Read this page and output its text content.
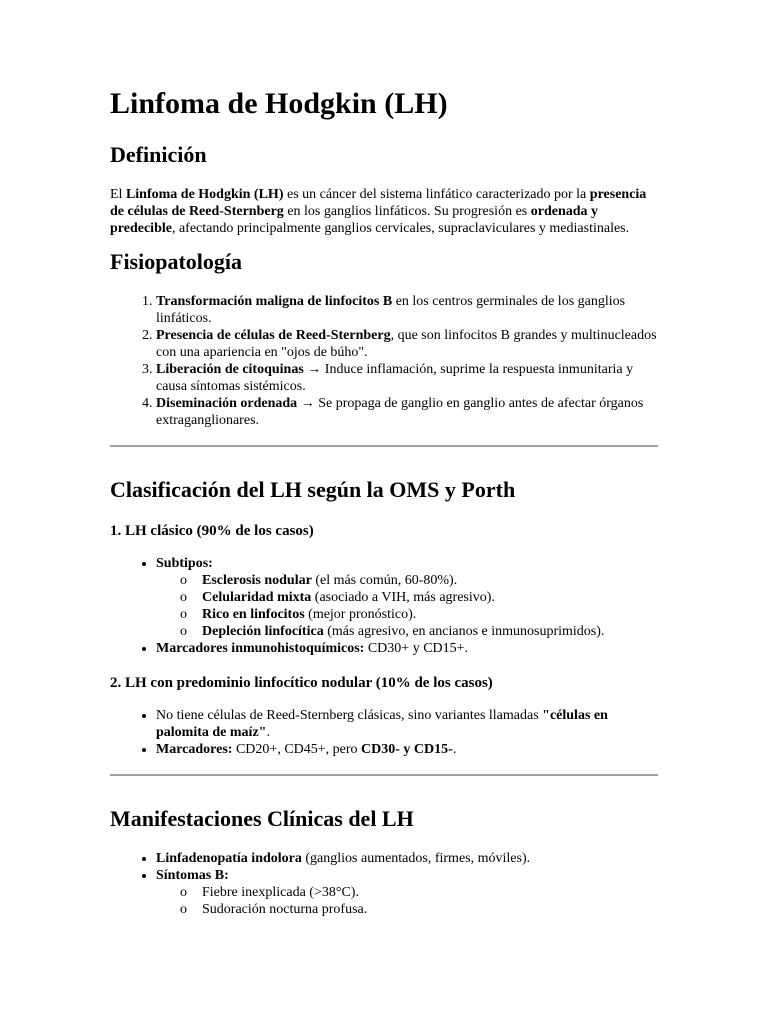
Linfoma de Hodgkin (LH)
Definición

El Linfoma de Hodgkin (LH) es un cáncer del sistema linfático caracterizado por la presencia de células de Reed-Sternberg en los ganglios linfáticos. Su progresión es ordenada y predecible, afectando principalmente ganglios cervicales, supraclaviculares y mediastinales.

Fisiopatología
1. Transformación maligna de linfocitos B en los centros germinales de los ganglios linfáticos.
2. Presencia de células de Reed-Sternberg, que son linfocitos B grandes y multinucleados con una apariencia en "ojos de búho".
3. Liberación de citoquinas → Induce inflamación, suprime la respuesta inmunitaria y causa síntomas sistémicos.
4. Diseminación ordenada → Se propaga de ganglio en ganglio antes de afectar órganos extraganglionares.
Clasificación del LH según la OMS y Porth
1. LH clásico (90% de los casos)
• Subtipos:
o Esclerosis nodular (el más común, 60-80%).
o Celularidad mixta (asociado a VIH, más agresivo).
o Rico en linfocitos (mejor pronóstico).
o Depleción linfocítica (más agresivo, en ancianos e inmunosuprimidos).
• Marcadores inmunohistoquímicos: CD30+ y CD15+.
2. LH con predominio linfocítico nodular (10% de los casos)
• No tiene células de Reed-Sternberg clásicas, sino variantes llamadas "células en palomita de maíz".
• Marcadores: CD20+, CD45+, pero CD30- y CD15-.
Manifestaciones Clínicas del LH
• Linfadenopatía indolora (ganglios aumentados, firmes, móviles).
• Síntomas B:
o Fiebre inexplicada (>38°C).
o Sudoración nocturna profusa.
